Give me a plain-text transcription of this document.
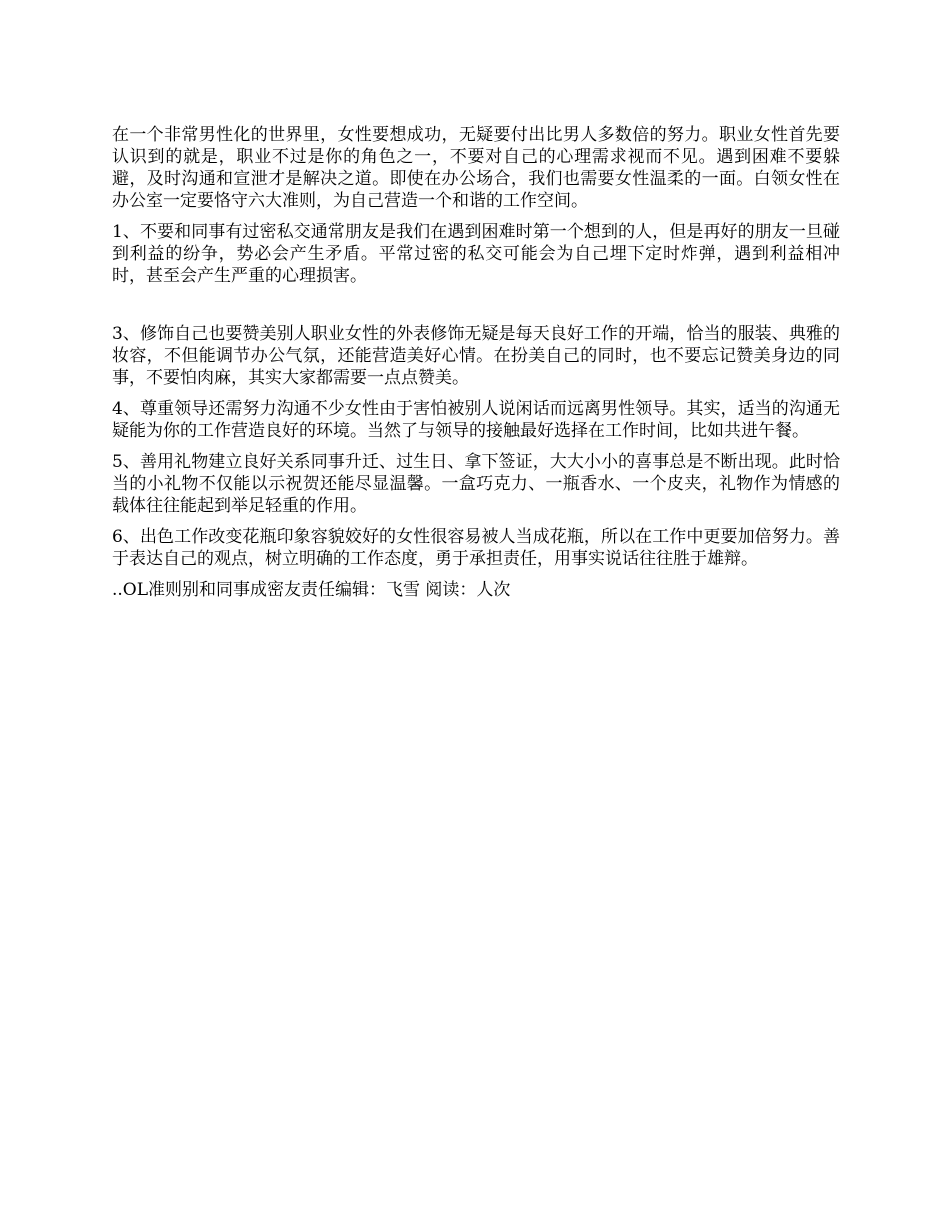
在一个非常男性化的世界里，女性要想成功，无疑要付出比男人多数倍的努力。职业女性首先要认识到的就是，职业不过是你的角色之一，不要对自己的心理需求视而不见。遇到困难不要躲避，及时沟通和宣泄才是解决之道。即使在办公场合，我们也需要女性温柔的一面。白领女性在办公室一定要恪守六大准则，为自己营造一个和谐的工作空间。

1、不要和同事有过密私交通常朋友是我们在遇到困难时第一个想到的人，但是再好的朋友一旦碰到利益的纷争，势必会产生矛盾。平常过密的私交可能会为自己埋下定时炸弹，遇到利益相冲时，甚至会产生严重的心理损害。

3、修饰自己也要赞美别人职业女性的外表修饰无疑是每天良好工作的开端，恰当的服装、典雅的妆容，不但能调节办公气氛，还能营造美好心情。在扮美自己的同时，也不要忘记赞美身边的同事，不要怕肉麻，其实大家都需要一点点赞美。

4、尊重领导还需努力沟通不少女性由于害怕被别人说闲话而远离男性领导。其实，适当的沟通无疑能为你的工作营造良好的环境。当然了与领导的接触最好选择在工作时间，比如共进午餐。

5、善用礼物建立良好关系同事升迁、过生日、拿下签证，大大小小的喜事总是不断出现。此时恰当的小礼物不仅能以示祝贺还能尽显温馨。一盒巧克力、一瓶香水、一个皮夹，礼物作为情感的载体往往能起到举足轻重的作用。

6、出色工作改变花瓶印象容貌姣好的女性很容易被人当成花瓶，所以在工作中更要加倍努力。善于表达自己的观点，树立明确的工作态度，勇于承担责任，用事实说话往往胜于雄辩。

..OL准则别和同事成密友责任编辑：飞雪 阅读：人次
